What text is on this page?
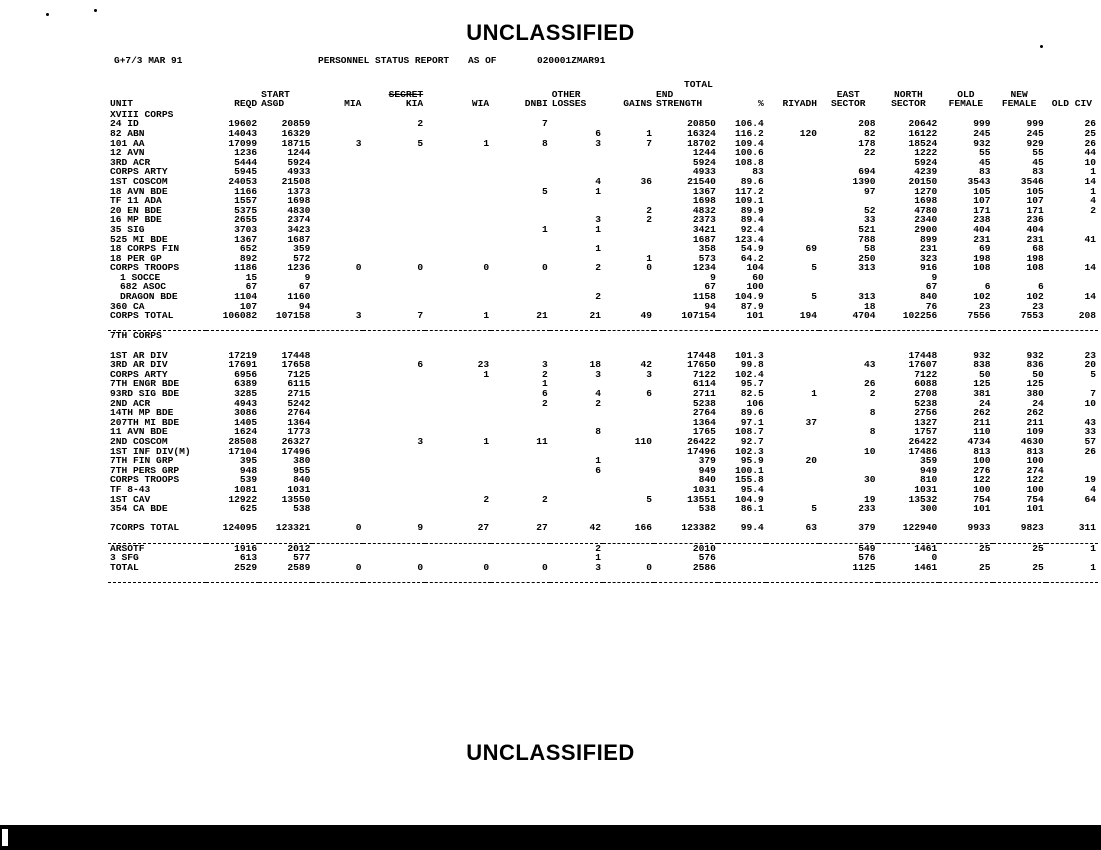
UNCLASSIFIED
G+7/3 MAR 91	PERSONNEL STATUS REPORT AS OF	020001ZMAR91
UNIT	REQD	START ASGD	MIA	SECRET
KIA	WIA	DNBI	OTHER LOSSES	GAINS	TOTAL
END STRENGTH	%	RIYADH	EAST SECTOR	NORTH SECTOR	OLD FEMALE	NEW FEMALE	OLD CIV
XVIII CORPS																
24 ID	19602	20859		2		7			20850	106.4		208	20642	999	999	26
82 ABN	14043	16329					6	1	16324	116.2	120	82	16122	245	245	25
101 AA	17099	18715	3	5	1	8	3	7	18702	109.4		178	18524	932	929	26
12 AVN	1236	1244							1244	100.6		22	1222	55	55	44
3RD ACR	5444	5924							5924	108.8			5924	45	45	10
CORPS ARTY	5945	4933							4933	83		694	4239	83	83	1
1ST COSCOM	24053	21508					4	36	21540	89.6		1390	20150	3543	3546	14
18 AVN BDE	1166	1373				5	1		1367	117.2		97	1270	105	105	1
TF 11 ADA	1557	1698							1698	109.1			1698	107	107	4
20 EN BDE	5375	4830						2	4832	89.9		52	4780	171	171	2
16 MP BDE	2655	2374					3	2	2373	89.4		33	2340	238	236	
35 SIG	3703	3423				1	1		3421	92.4		521	2900	404	404	
525 MI BDE	1367	1687							1687	123.4		788	899	231	231	41
18 CORPS FIN	652	359					1		358	54.9	69	58	231	69	68	
18 PER GP	892	572						1	573	64.2		250	323	198	198	
CORPS TROOPS	1186	1236	0	0	0	0	2	0	1234	104	5	313	916	108	108	14
1 SOCCE	15	9							9	60			9			
682 ASOC	67	67							67	100			67	6	6	
DRAGON BDE	1104	1160					2		1158	104.9	5	313	840	102	102	14
360 CA	107	94							94	87.9		18	76	23	23	
CORPS TOTAL	106082	107158	3	7	1	21	21	49	107154	101	194	4704	102256	7556	7553	208

7TH CORPS																

1ST AR DIV	17219	17448							17448	101.3			17448	932	932	23
3RD AR DIV	17691	17658		6	23	3	18	42	17650	99.8		43	17607	838	836	20
CORPS ARTY	6956	7125			1	2	3	3	7122	102.4			7122	50	50	5
7TH ENGR BDE	6389	6115				1			6114	95.7		26	6088	125	125	
93RD SIG BDE	3285	2715				6	4	6	2711	82.5	1	2	2708	381	380	7
2ND ACR	4943	5242				2	2		5238	106			5238	24	24	10
14TH MP BDE	3086	2764							2764	89.6		8	2756	262	262	
207TH MI BDE	1405	1364							1364	97.1	37		1327	211	211	43
11 AVN BDE	1624	1773					8		1765	108.7		8	1757	110	109	33
2ND COSCOM	28508	26327		3	1	11		110	26422	92.7			26422	4734	4630	57
1ST INF DIV(M)	17104	17496							17496	102.3		10	17486	813	813	26
7TH FIN GRP	395	380					1		379	95.9	20		359	100	100	
7TH PERS GRP	948	955					6		949	100.1			949	276	274	
CORPS TROOPS	539	840							840	155.8		30	810	122	122	19
TF 8-43	1081	1031							1031	95.4			1031	100	100	4
1ST CAV	12922	13550			2	2		5	13551	104.9		19	13532	754	754	64
354 CA BDE	625	538							538	86.1	5	233	300	101	101	

7CORPS TOTAL	124095	123321	0	9	27	27	42	166	123382	99.4	63	379	122940	9933	9823	311

ARSOTF	1916	2012					2		2010			549	1461	25	25	1
3 SFG	613	577					1		576			576	0			
TOTAL	2529	2589	0	0	0	0	3	0	2586			1125	1461	25	25	1

UNCLASSIFIED
